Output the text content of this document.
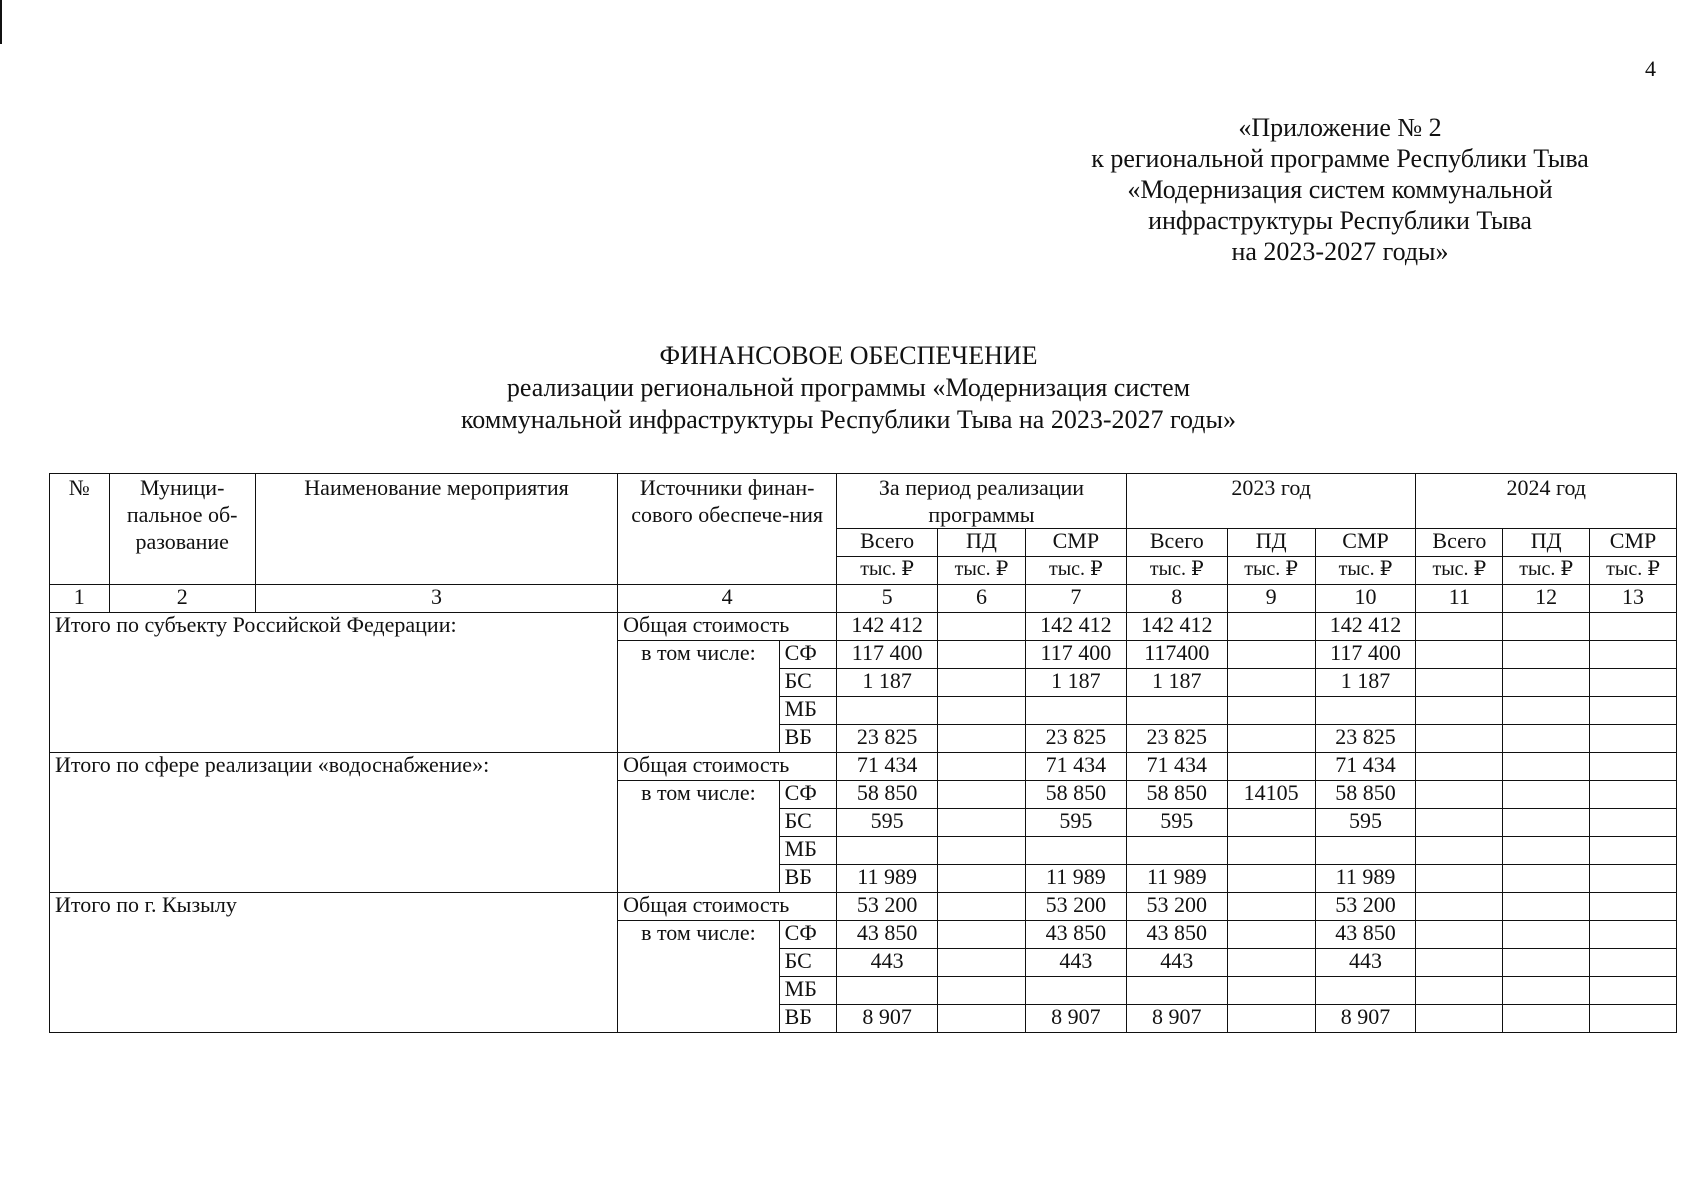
4
«Приложение № 2
к региональной программе Республики Тыва
«Модернизация систем коммунальной
инфраструктуры Республики Тыва
на 2023-2027 годы»
ФИНАНСОВОЕ ОБЕСПЕЧЕНИЕ
реализации региональной программы «Модернизация систем
коммунальной инфраструктуры Республики Тыва на 2023-2027 годы»
№	Муници-пальное об-разование	Наименование мероприятия	Источники финан-сового обеспече-ния		За период реализации программы			2023 год			2024 год		
					Всего	ПД	СМР	Всего	ПД	СМР	Всего	ПД	СМР
					тыс. ₽	тыс. ₽	тыс. ₽	тыс. ₽	тыс. ₽	тыс. ₽	тыс. ₽	тыс. ₽	тыс. ₽
1	2	3	4		5	6	7	8	9	10	11	12	13
Итого по субъекту Российской Федерации:			Общая стоимость		142 412		142 412	142 412		142 412			
			в том числе:	СФ	117 400		117 400	117400		117 400			
				БС	1 187		1 187	1 187		1 187			
				МБ									
				ВБ	23 825		23 825	23 825		23 825			
Итого по сфере реализации «водоснабжение»:			Общая стоимость		71 434		71 434	71 434		71 434			
			в том числе:	СФ	58 850		58 850	58 850	14105	58 850			
				БС	595		595	595		595			
				МБ									
				ВБ	11 989		11 989	11 989		11 989			
Итого по г. Кызылу			Общая стоимость		53 200		53 200	53 200		53 200			
			в том числе:	СФ	43 850		43 850	43 850		43 850			
				БС	443		443	443		443			
				МБ									
				ВБ	8 907		8 907	8 907		8 907			
